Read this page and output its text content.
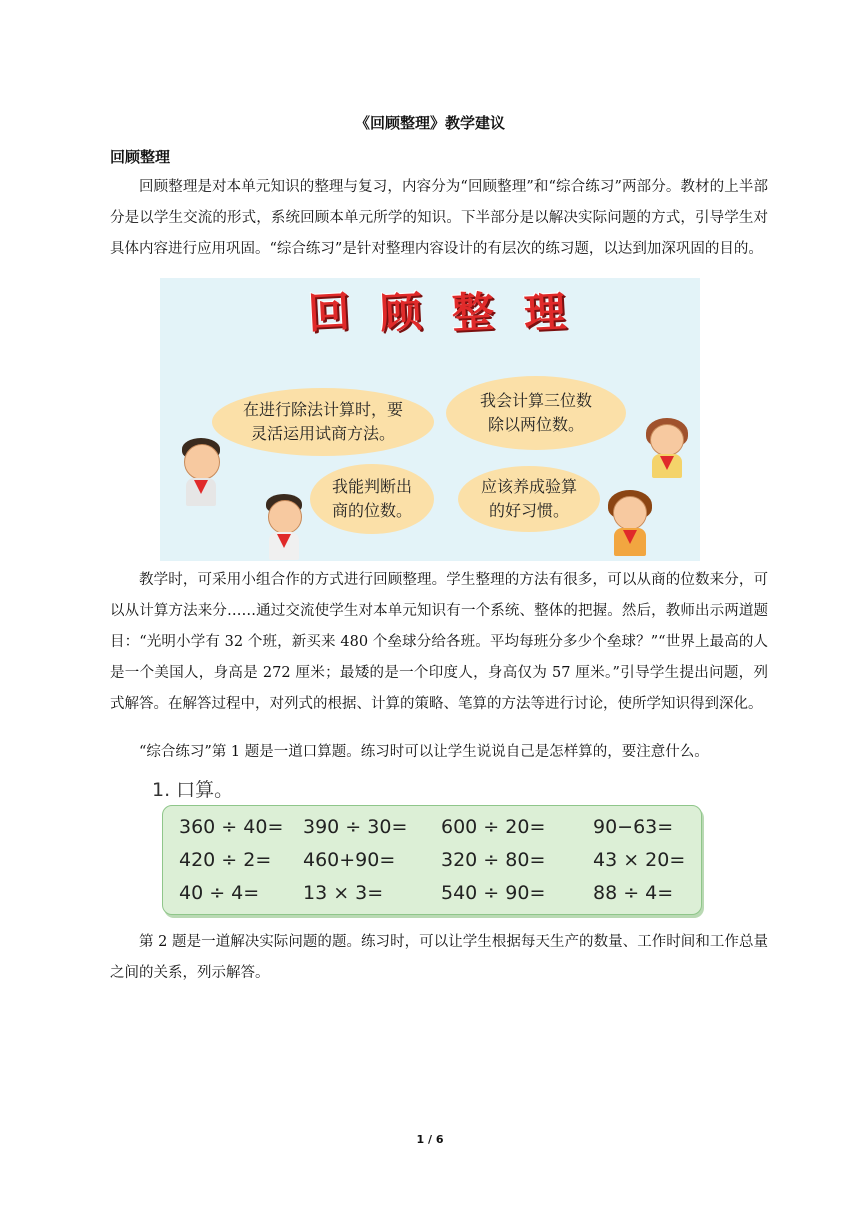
《回顾整理》教学建议
回顾整理

回顾整理是对本单元知识的整理与复习，内容分为“回顾整理”和“综合练习”两部分。教材的上半部分是以学生交流的形式，系统回顾本单元所学的知识。下半部分是以解决实际问题的方式，引导学生对具体内容进行应用巩固。“综合练习”是针对整理内容设计的有层次的练习题，以达到加深巩固的目的。

回 顾 整 理
在进行除法计算时，要
灵活运用试商方法。
我会计算三位数
除以两位数。
我能判断出
商的位数。
应该养成验算
的好习惯。

教学时，可采用小组合作的方式进行回顾整理。学生整理的方法有很多，可以从商的位数来分，可以从计算方法来分……通过交流使学生对本单元知识有一个系统、整体的把握。然后，教师出示两道题目：“光明小学有 32 个班，新买来 480 个垒球分给各班。平均每班分多少个垒球？”“世界上最高的人是一个美国人，身高是 272 厘米；最矮的是一个印度人，身高仅为 57 厘米。”引导学生提出问题，列式解答。在解答过程中，对列式的根据、计算的策略、笔算的方法等进行讨论，使所学知识得到深化。

“综合练习”第 1 题是一道口算题。练习时可以让学生说说自己是怎样算的，要注意什么。

1. 口算。
360 ÷ 40= 390 ÷ 30= 600 ÷ 20=	90−63=
420 ÷ 2= 460+90= 320 ÷ 80=	43 × 20=
40 ÷ 4= 13 × 3=	540 ÷ 90=	88 ÷ 4=

第 2 题是一道解决实际问题的题。练习时，可以让学生根据每天生产的数量、工作时间和工作总量之间的关系，列示解答。

1 / 6
